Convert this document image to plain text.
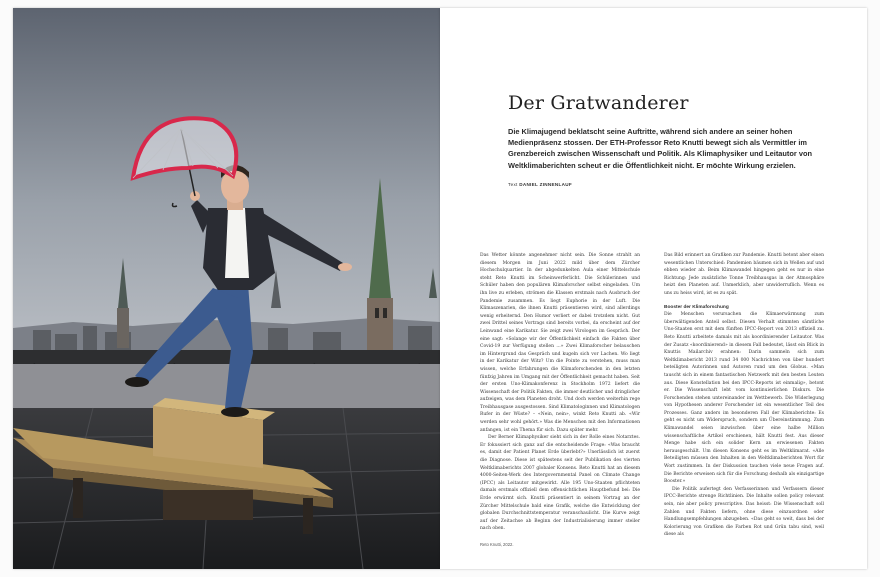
Der Gratwanderer

Die Klimajugend beklatscht seine Auftritte, während sich andere an seiner hohen Medienpräsenz stossen. Der ETH-Professor Reto Knutti bewegt sich als Vermittler im Grenzbereich zwischen Wissenschaft und Politik. Als Klimaphysiker und Leitautor von Weltklimaberichten scheut er die Öffentlichkeit nicht. Er möchte Wirkung erzielen.

Text DANIEL ZINNENLAUF

Das Wetter könnte angenehmer nicht sein. Die Sonne strahlt an diesem Morgen im Juni 2022 mild über dem Zürcher Hochschulquartier. In der abgedunkelten Aula einer Mittelschule steht Reto Knutti im Scheinwerferlicht. Die Schülerinnen und Schüler haben den populären Klimaforscher selbst eingeladen. Um ihn live zu erleben, strömen die Klassen erstmals nach Ausbruch der Pandemie zusammen. Es liegt Euphorie in der Luft. Die Klimaszenarien, die ihnen Knutti präsentieren wird, sind allerdings wenig erheiternd. Den Humor verliert er dabei trotzdem nicht. Gut zwei Drittel seines Vortrags sind bereits vorbei, da erscheint auf der Leinwand eine Karikatur. Sie zeigt zwei Virologen im Gespräch. Der eine sagt: «Solange wir der Öffentlichkeit einfach die Fakten über Covid-19 zur Verfügung stellen ...» Zwei Klimaforscher belauschen im Hintergrund das Gespräch und kugeln sich vor Lachen. Wo liegt in der Karikatur der Witz? Um die Pointe zu verstehen, muss man wissen, welche Erfahrungen die Klimaforschenden in den letzten fünfzig Jahren im Umgang mit der Öffentlichkeit gemacht haben. Seit der ersten Uno-Klimakonferenz in Stockholm 1972 liefert die Wissenschaft der Politik Fakten, die immer deutlicher und dringlicher aufzeigen, was dem Planeten droht. Und doch werden weiterhin rege Treibhausgase ausgestossen. Sind Klimatologinnen und Klimatologen Rufer in der Wüste? – «Nein, nein», winkt Reto Knutti ab. «Wir werden sehr wohl gehört.» Was die Menschen mit den Informationen anfangen, ist ein Thema für sich. Dazu später mehr.

Der Berner Klimaphysiker sieht sich in der Rolle eines Notarztes. Er fokussiert sich ganz auf die entscheidende Frage: «Was braucht es, damit der Patient Planet Erde überlebt?» Unerlässlich ist zuerst die Diagnose. Diese ist spätestens seit der Publikation des vierten Weltklimaberichts 2007 globaler Konsens. Reto Knutti hat an diesem 4000-Seiten-Werk des Intergovernmental Panel on Climate Change (IPCC) als Leitautor mitgewirkt. Alle 195 Uno-Staaten pflichteten damals erstmals offiziell dem offensichtlichen Hauptbefund bei: Die Erde erwärmt sich. Knutti präsentiert in seinem Vortrag an der Zürcher Mittelschule bald eine Grafik, welche die Entwicklung der globalen Durchschnittstemperatur veranschaulicht. Die Kurve zeigt auf der Zeitachse ab Beginn der Industrialisierung immer steiler nach oben.

Das Bild erinnert an Grafiken zur Pandemie. Knutti betont aber einen wesentlichen Unterschied: Pandemien bäumen sich in Wellen auf und ebben wieder ab. Beim Klimawandel hingegen geht es nur in eine Richtung: Jede zusätzliche Tonne Treibhausgas in der Atmosphäre heizt den Planeten auf. Unmerklich, aber unwiderruflich. Wenn es uns zu heiss wird, ist es zu spät.

Booster der Klimaforschung

Die Menschen verursachen die Klimaerwärmung zum überwältigenden Anteil selbst. Diesen Verhalt stimmten sämtliche Uno-Staaten erst mit dem fünften IPCC-Report von 2013 offiziell zu. Reto Knutti arbeitete damals mit als koordinierender Leitautor. Was der Zusatz «koordinierend» in diesem Fall bedeutet, lässt ein Blick in Knuttis Mailarchiv erahnen: Darin sammeln sich zum Weltklimabericht 2013 rund 34 000 Nachrichten von über hundert beteiligten Autorinnen und Autoren rund um den Globus. «Man tauscht sich in einem fantastischen Netzwerk mit den besten Leuten aus. Diese Konstellation bei den IPCC-Reports ist einmalig», betont er. Die Wissenschaft lebt vom kontinuierlichen Diskurs. Die Forschenden stehen untereinander im Wettbewerb. Die Widerlegung von Hypothesen anderer Forschender ist ein wesentlicher Teil des Prozesses. Ganz anders im besonderen Fall der Klimaberichte: Es geht es nicht um Widerspruch, sondern um Übereinstimmung. Zum Klimawandel seien inzwischen über eine halbe Million wissenschaftliche Artikel erschienen, hält Knutti fest. Aus dieser Menge habe sich ein solider Kern an erwiesenen Fakten herausgeschält. Um diesen Konsens geht es im Weltklimarat. «Alle Beteiligten müssen den Inhalten in den Weltklimaberichten Wort für Wort zustimmen. In der Diskussion tauchen viele neue Fragen auf. Die Berichte erweisen sich für die Forschung deshalb als einzigartige Booster.»

Die Politik aufertegt den Verfasserinnen und Verfassern dieser IPCC-Berichte strenge Richtlinien. Die Inhalte sollen policy relevant sein, nie aber policy prescriptive. Das heisst: Die Wissenschaft soll Zahlen und Fakten liefern, ohne diese einzuordnen oder Handlungsempfehlungen abzugeben. «Das geht so weit, dass bei der Kolorierung von Grafiken die Farben Rot und Grün tabu sind, weil diese als

Reto Knutti, 2022.
